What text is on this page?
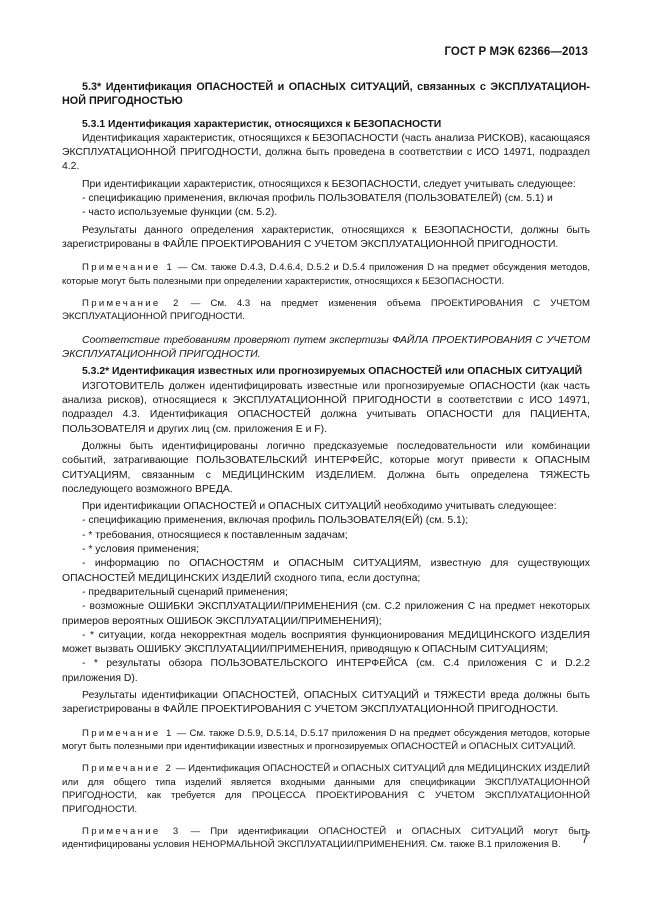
ГОСТ Р МЭК 62366—2013

5.3* Идентификация ОПАСНОСТЕЙ и ОПАСНЫХ СИТУАЦИЙ, связанных с ЭКСПЛУАТАЦИОН-НОЙ ПРИГОДНОСТЬЮ

5.3.1 Идентификация характеристик, относящихся к БЕЗОПАСНОСТИ

Идентификация характеристик, относящихся к БЕЗОПАСНОСТИ (часть анализа РИСКОВ), касающаяся ЭКСПЛУАТАЦИОННОЙ ПРИГОДНОСТИ, должна быть проведена в соответствии с ИСО 14971, подраздел 4.2.

При идентификации характеристик, относящихся к БЕЗОПАСНОСТИ, следует учитывать следующее:

- спецификацию применения, включая профиль ПОЛЬЗОВАТЕЛЯ (ПОЛЬЗОВАТЕЛЕЙ) (см. 5.1) и

- часто используемые функции (см. 5.2).

Результаты данного определения характеристик, относящихся к БЕЗОПАСНОСТИ, должны быть зарегистрированы в ФАЙЛЕ ПРОЕКТИРОВАНИЯ С УЧЕТОМ ЭКСПЛУАТАЦИОННОЙ ПРИГОДНОСТИ.

Примечание 1 — См. также D.4.3, D.4.6.4, D.5.2 и D.5.4 приложения D на предмет обсуждения методов, которые могут быть полезными при определении характеристик, относящихся к БЕЗОПАСНОСТИ.

Примечание 2 — См. 4.3 на предмет изменения объема ПРОЕКТИРОВАНИЯ С УЧЕТОМ ЭКСПЛУАТАЦИОННОЙ ПРИГОДНОСТИ.

Соответствие требованиям проверяют путем экспертизы ФАЙЛА ПРОЕКТИРОВАНИЯ С УЧЕТОМ ЭКСПЛУАТАЦИОННОЙ ПРИГОДНОСТИ.

5.3.2* Идентификация известных или прогнозируемых ОПАСНОСТЕЙ или ОПАСНЫХ СИТУАЦИЙ

ИЗГОТОВИТЕЛЬ должен идентифицировать известные или прогнозируемые ОПАСНОСТИ (как часть анализа рисков), относящиеся к ЭКСПЛУАТАЦИОННОЙ ПРИГОДНОСТИ в соответствии с ИСО 14971, подраздел 4.3. Идентификация ОПАСНОСТЕЙ должна учитывать ОПАСНОСТИ для ПАЦИЕНТА, ПОЛЬЗОВАТЕЛЯ и других лиц (см. приложения Е и F).

Должны быть идентифицированы логично предсказуемые последовательности или комбинации событий, затрагивающие ПОЛЬЗОВАТЕЛЬСКИЙ ИНТЕРФЕЙС, которые могут привести к ОПАСНЫМ СИТУАЦИЯМ, связанным с МЕДИЦИНСКИМ ИЗДЕЛИЕМ. Должна быть определена ТЯЖЕСТЬ последующего возможного ВРЕДА.

При идентификации ОПАСНОСТЕЙ и ОПАСНЫХ СИТУАЦИЙ необходимо учитывать следующее:

- спецификацию применения, включая профиль ПОЛЬЗОВАТЕЛЯ(ЕЙ) (см. 5.1);

- * требования, относящиеся к поставленным задачам;

- * условия применения;

- информацию по ОПАСНОСТЯМ и ОПАСНЫМ СИТУАЦИЯМ, известную для существующих ОПАСНОСТЕЙ МЕДИЦИНСКИХ ИЗДЕЛИЙ сходного типа, если доступна;

- предварительный сценарий применения;

- возможные ОШИБКИ ЭКСПЛУАТАЦИИ/ПРИМЕНЕНИЯ (см. С.2 приложения С на предмет некоторых примеров вероятных ОШИБОК ЭКСПЛУАТАЦИИ/ПРИМЕНЕНИЯ);

- * ситуации, когда некорректная модель восприятия функционирования МЕДИЦИНСКОГО ИЗДЕЛИЯ может вызвать ОШИБКУ ЭКСПЛУАТАЦИИ/ПРИМЕНЕНИЯ, приводящую к ОПАСНЫМ СИТУАЦИЯМ;

- * результаты обзора ПОЛЬЗОВАТЕЛЬСКОГО ИНТЕРФЕЙСА (см. С.4 приложения С и D.2.2 приложения D).

Результаты идентификации ОПАСНОСТЕЙ, ОПАСНЫХ СИТУАЦИЙ и ТЯЖЕСТИ вреда должны быть зарегистрированы в ФАЙЛЕ ПРОЕКТИРОВАНИЯ С УЧЕТОМ ЭКСПЛУАТАЦИОННОЙ ПРИГОДНОСТИ.

Примечание 1 — См. также D.5.9, D.5.14, D.5.17 приложения D на предмет обсуждения методов, которые могут быть полезными при идентификации известных и прогнозируемых ОПАСНОСТЕЙ и ОПАСНЫХ СИТУАЦИЙ.

Примечание 2 — Идентификация ОПАСНОСТЕЙ и ОПАСНЫХ СИТУАЦИЙ для МЕДИЦИНСКИХ ИЗДЕЛИЙ или для общего типа изделий является входными данными для спецификации ЭКСПЛУАТАЦИОННОЙ ПРИГОДНОСТИ, как требуется для ПРОЦЕССА ПРОЕКТИРОВАНИЯ С УЧЕТОМ ЭКСПЛУАТАЦИОННОЙ ПРИГОДНОСТИ.

Примечание 3 — При идентификации ОПАСНОСТЕЙ и ОПАСНЫХ СИТУАЦИЙ могут быть идентифицированы условия НЕНОРМАЛЬНОЙ ЭКСПЛУАТАЦИИ/ПРИМЕНЕНИЯ. См. также В.1 приложения В.	7
